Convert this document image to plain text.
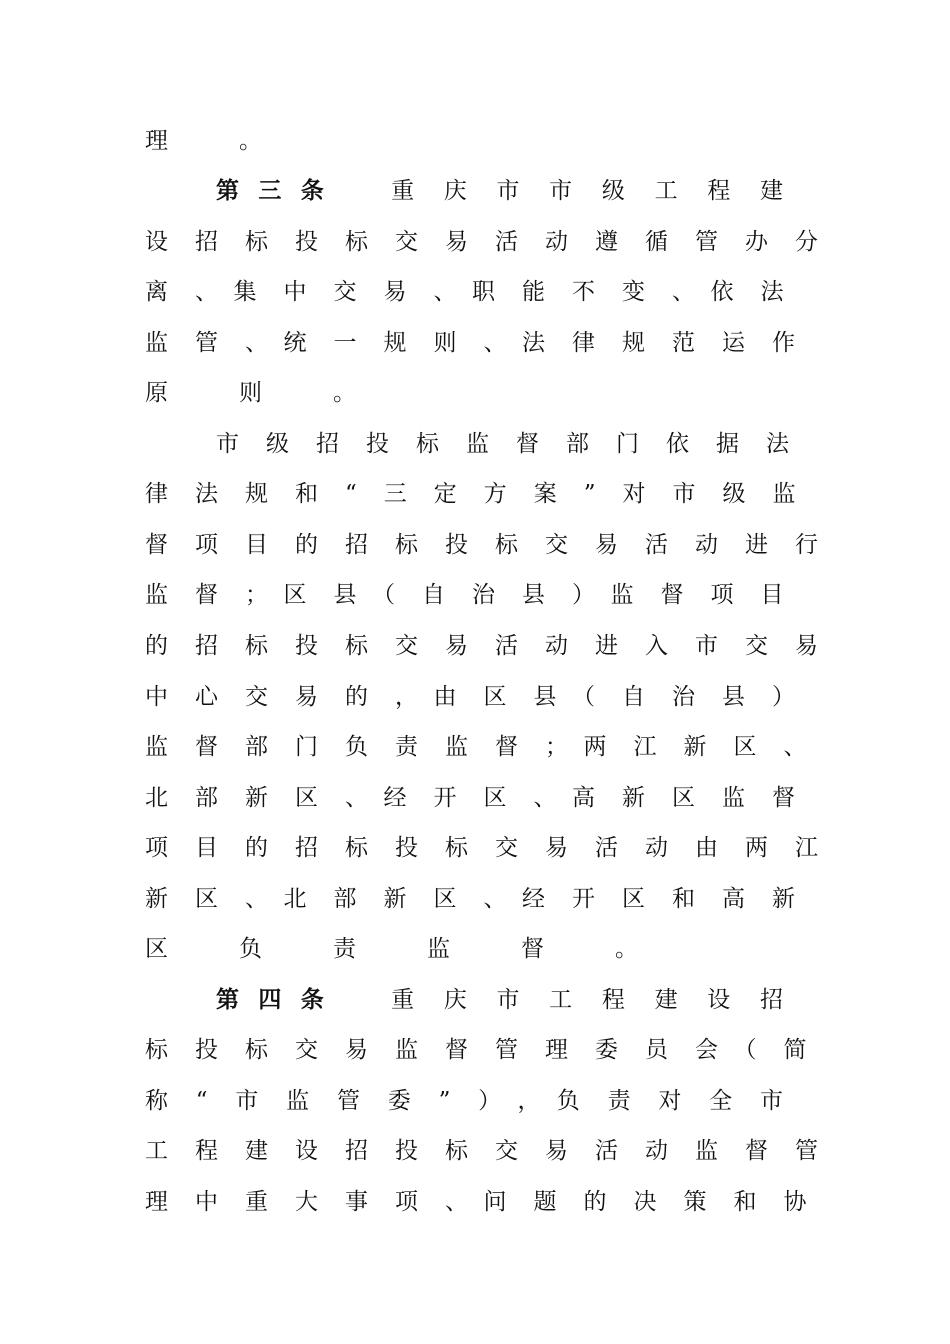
理　。
第三条 重　庆　市　市　级　工　程　建
设　招　标　投　标　交　易　活　动　遵　循　管　办　分
离　、　集　中　交　易　、　职　能　不　变　、　依　法
监　管　、　统　一　规　则　、　法　律　规　范　运　作
原　则　。
市　级　招　投　标　监　督　部　门　依　据　法
律　法　规　和　“　三　定　方　案　”　对　市　级　监
督　项　目　的　招　标　投　标　交　易　活　动　进　行
监　督　；　区　县　（　自　治　县　）　监　督　项　目
的　招　标　投　标　交　易　活　动　进　入　市　交　易
中　心　交　易　的　，　由　区　县　（　自　治　县　）
监　督　部　门　负　责　监　督　；　两　江　新　区　、
北　部　新　区　、　经　开　区　、　高　新　区　监　督
项　目　的　招　标　投　标　交　易　活　动　由　两　江
新　区　、　北　部　新　区　、　经　开　区　和　高　新
区　负　责　监　督　。
第四条 重　庆　市　工　程　建　设　招
标　投　标　交　易　监　督　管　理　委　员　会　（　简
称　“　市　监　管　委　”　）　，　负　责　对　全　市
工　程　建　设　招　投　标　交　易　活　动　监　督　管
理　中　重　大　事　项　、　问　题　的　决　策　和　协
